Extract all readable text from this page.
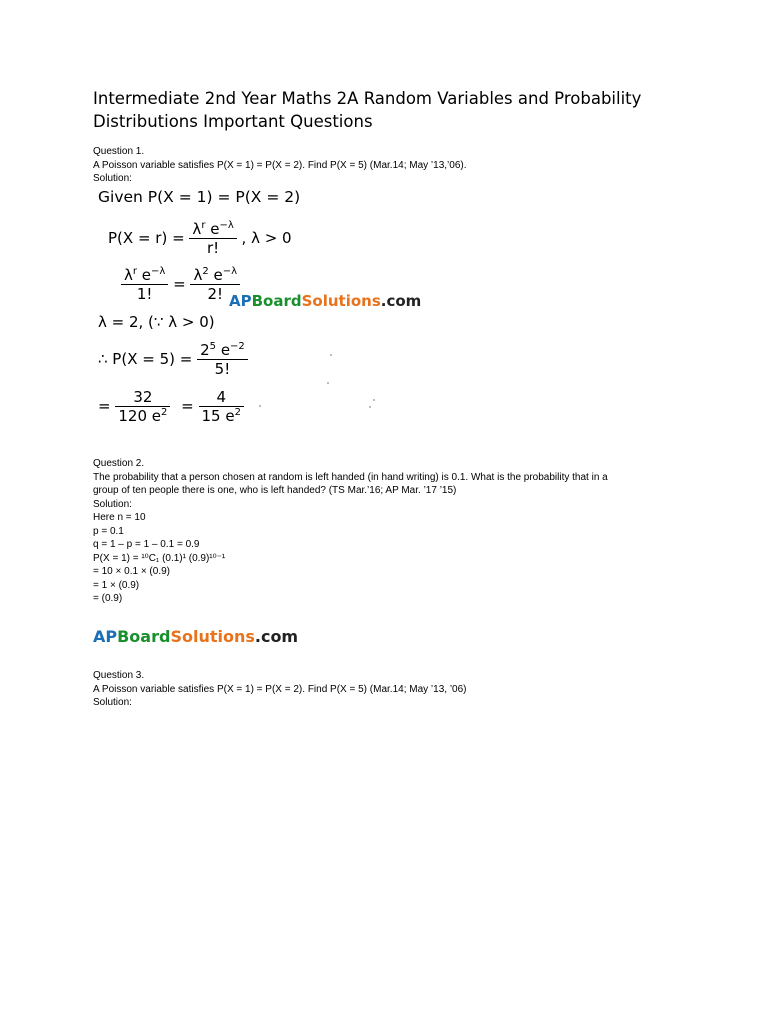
Intermediate 2nd Year Maths 2A Random Variables and Probability
Distributions Important Questions
Question 1.
A Poisson variable satisfies P(X = 1) = P(X = 2). Find P(X = 5) (Mar.14; May ’13,’06).
Solution:
Given P(X = 1) = P(X = 2)
$P(X = r) = \frac{\lambda^r e^{-\lambda}}{r!}$ , λ > 0
$\frac{\lambda^r e^{-\lambda}}{1!} = \frac{\lambda^2 e^{-\lambda}}{2!}$
λ = 2, (∵ λ > 0)
∴ $P(X = 5) = \frac{2^5 e^{-2}}{5!}$
= $\frac{32}{120 e^2} = \frac{4}{15 e^2}$
APBoardSolutions.com
Question 2.
The probability that a person chosen at random is left handed (in hand writing) is 0.1. What is the probability that in a
group of ten people there is one, who is left handed? (TS Mar.’16; AP Mar. ’17 ’15)
Solution:
Here n = 10
p = 0.1
q = 1 – p = 1 – 0.1 = 0.9
P(X = 1) = ¹⁰C₁ (0.1)¹ (0.9)¹⁰⁻¹
= 10 × 0.1 × (0.9)
= 1 × (0.9)
= (0.9)
APBoardSolutions.com
Question 3.
A Poisson variable satisfies P(X = 1) = P(X = 2). Find P(X = 5) (Mar.14; May ’13, ’06)
Solution:
